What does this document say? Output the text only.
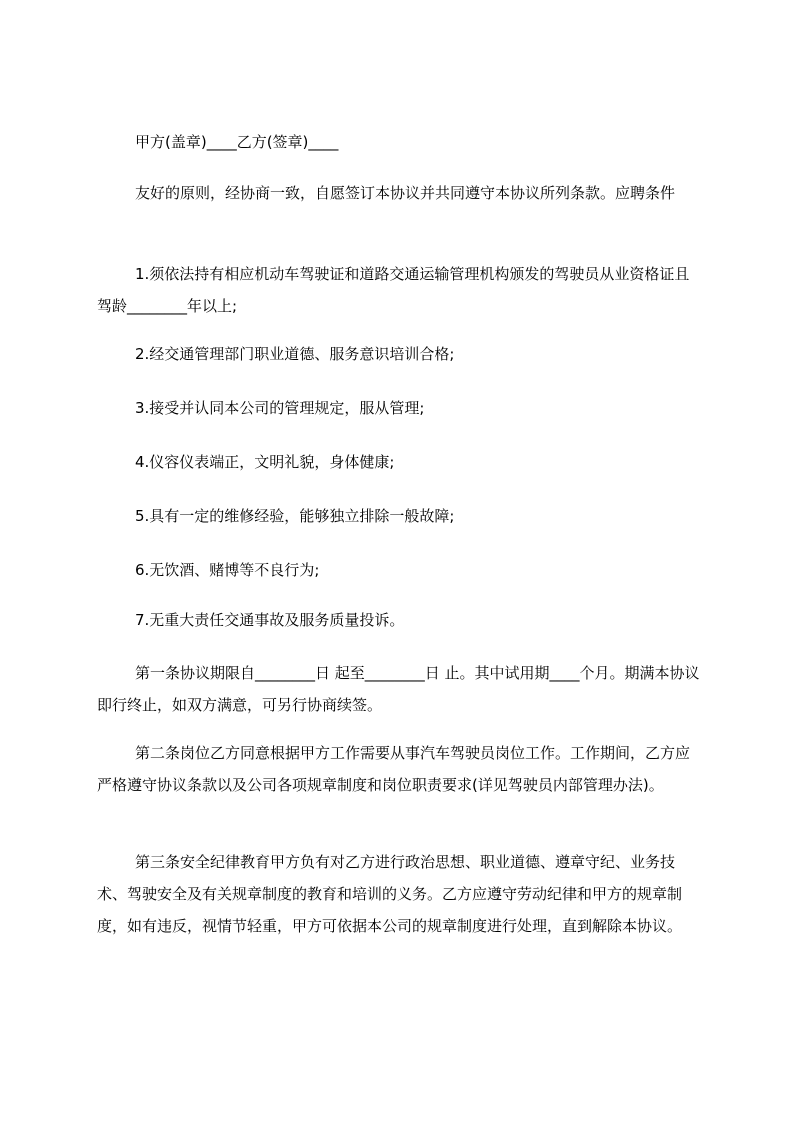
甲方(盖章)____乙方(签章)____

友好的原则，经协商一致，自愿签订本协议并共同遵守本协议所列条款。应聘条件

1.须依法持有相应机动车驾驶证和道路交通运输管理机构颁发的驾驶员从业资格证且驾龄________年以上;

2.经交通管理部门职业道德、服务意识培训合格;

3.接受并认同本公司的管理规定，服从管理;

4.仪容仪表端正，文明礼貌，身体健康;

5.具有一定的维修经验，能够独立排除一般故障;

6.无饮酒、赌博等不良行为;

7.无重大责任交通事故及服务质量投诉。

第一条协议期限自________日 起至________日 止。其中试用期____个月。期满本协议即行终止，如双方满意，可另行协商续签。

第二条岗位乙方同意根据甲方工作需要从事汽车驾驶员岗位工作。工作期间，乙方应严格遵守协议条款以及公司各项规章制度和岗位职责要求(详见驾驶员内部管理办法)。

第三条安全纪律教育甲方负有对乙方进行政治思想、职业道德、遵章守纪、业务技术、驾驶安全及有关规章制度的教育和培训的义务。乙方应遵守劳动纪律和甲方的规章制度，如有违反，视情节轻重，甲方可依据本公司的规章制度进行处理，直到解除本协议。
